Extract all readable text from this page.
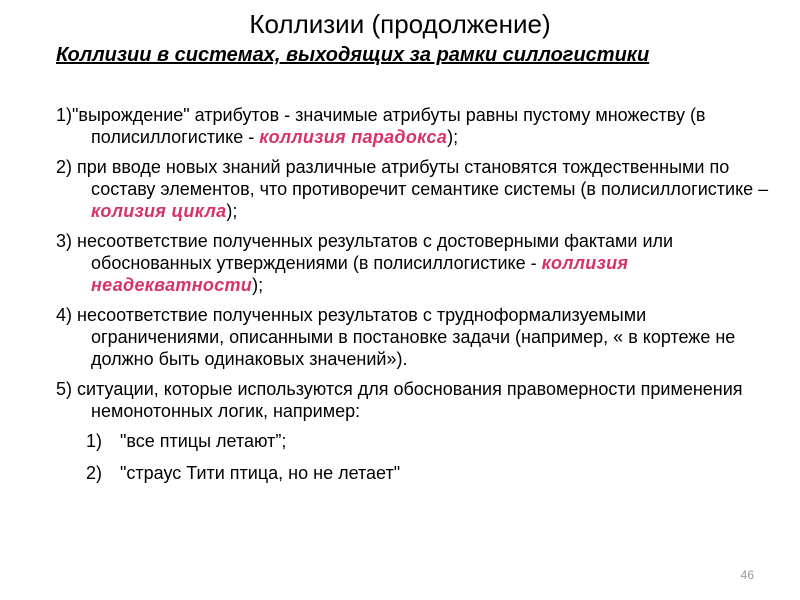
Коллизии (продолжение)
Коллизии в системах, выходящих за рамки силлогистики
1)"вырождение" атрибутов - значимые атрибуты равны пустому множеству (в полисиллогистике - коллизия парадокса);
2) при вводе новых знаний различные атрибуты становятся тождественными по составу элементов, что противоречит семантике системы (в полисиллогистике – колизия цикла);
3) несоответствие полученных результатов с достоверными фактами или обоснованных утверждениями (в полисиллогистике - коллизия неадекватности);
4) несоответствие полученных результатов с трудноформализуемыми ограничениями, описанными в постановке задачи (например, « в кортеже не должно быть одинаковых значений»).
5) ситуации, которые используются для обоснования правомерности применения немонотонных логик, например:
1) "все птицы летают”;
2) "страус Тити птица, но не летает"
46
